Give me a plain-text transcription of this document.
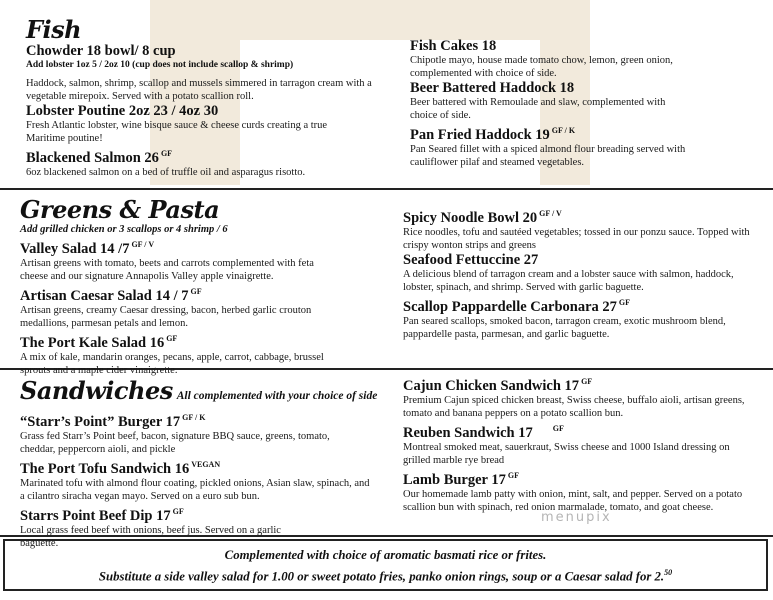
Fish
Chowder 18 bowl/ 8 cup
Add lobster 1oz 5 / 2oz 10 (cup does not include scallop & shrimp)
Haddock, salmon, shrimp, scallop and mussels simmered in tarragon cream with a vegetable mirepoix. Served with a potato scallion roll.
Lobster Poutine 2oz 23 / 4oz 30
Fresh Atlantic lobster, wine bisque sauce & cheese curds creating a true Maritime poutine!
Blackened Salmon 26 $^{GF}$
6oz blackened salmon on a bed of truffle oil and asparagus risotto.
Fish Cakes 18
Chipotle mayo, house made tomato chow, lemon, green onion, complemented with choice of side.
Beer Battered Haddock 18
Beer battered with Remoulade and slaw, complemented with choice of side.
Pan Fried Haddock 19 $^{GF / K}$
Pan Seared fillet with a spiced almond flour breading served with cauliflower pilaf and steamed vegetables.
Greens & Pasta
Add grilled chicken or 3 scallops or 4 shrimp / 6
Valley Salad 14 /7 $^{GF / V}$
Artisan greens with tomato, beets and carrots complemented with feta cheese and our signature Annapolis Valley apple vinaigrette.
Artisan Caesar Salad 14 / 7 $^{GF}$
Artisan greens, creamy Caesar dressing, bacon, herbed garlic crouton medallions, parmesan petals and lemon.
The Port Kale Salad 16 $^{GF}$
A mix of kale, mandarin oranges, pecans, apple, carrot, cabbage, brussel sprouts and a maple cider vinaigrette.
Spicy Noodle Bowl 20 $^{GF / V}$
Rice noodles, tofu and sautéed vegetables; tossed in our ponzu sauce. Topped with crispy wonton strips and greens
Seafood Fettuccine 27
A delicious blend of tarragon cream and a lobster sauce with salmon, haddock, lobster, spinach, and shrimp. Served with garlic baguette.
Scallop Pappardelle Carbonara 27 $^{GF}$
Pan seared scallops, smoked bacon, tarragon cream, exotic mushroom blend, pappardelle pasta, parmesan, and garlic baguette.
Sandwiches All complemented with your choice of side
“Starr’s Point” Burger 17 $^{GF / K}$
Grass fed Starr’s Point beef, bacon, signature BBQ sauce, greens, tomato, cheddar, peppercorn aioli, and pickle
The Port Tofu Sandwich 16 $^{VEGAN}$
Marinated tofu with almond flour coating, pickled onions, Asian slaw, spinach, and a cilantro siracha vegan mayo. Served on a euro sub bun.
Starrs Point Beef Dip 17 $^{GF}$
Local grass feed beef with onions, beef jus. Served on a garlic baguette.
Cajun Chicken Sandwich 17 $^{GF}$
Premium Cajun spiced chicken breast, Swiss cheese, buffalo aioli, artisan greens, tomato and banana peppers on a potato scallion bun.
Reuben Sandwich 17	$^{GF}$
Montreal smoked meat, sauerkraut, Swiss cheese and 1000 Island dressing on grilled marble rye bread
Lamb Burger 17 $^{GF}$
Our homemade lamb patty with onion, mint, salt, and pepper. Served on a potato scallion bun with spinach, red onion marmalade, tomato, and goat cheese.
menupix
Complemented with choice of aromatic basmati rice or frites.
Substitute a side valley salad for 1.00 or sweet potato fries, panko onion rings, soup or a Caesar salad for 2.50
